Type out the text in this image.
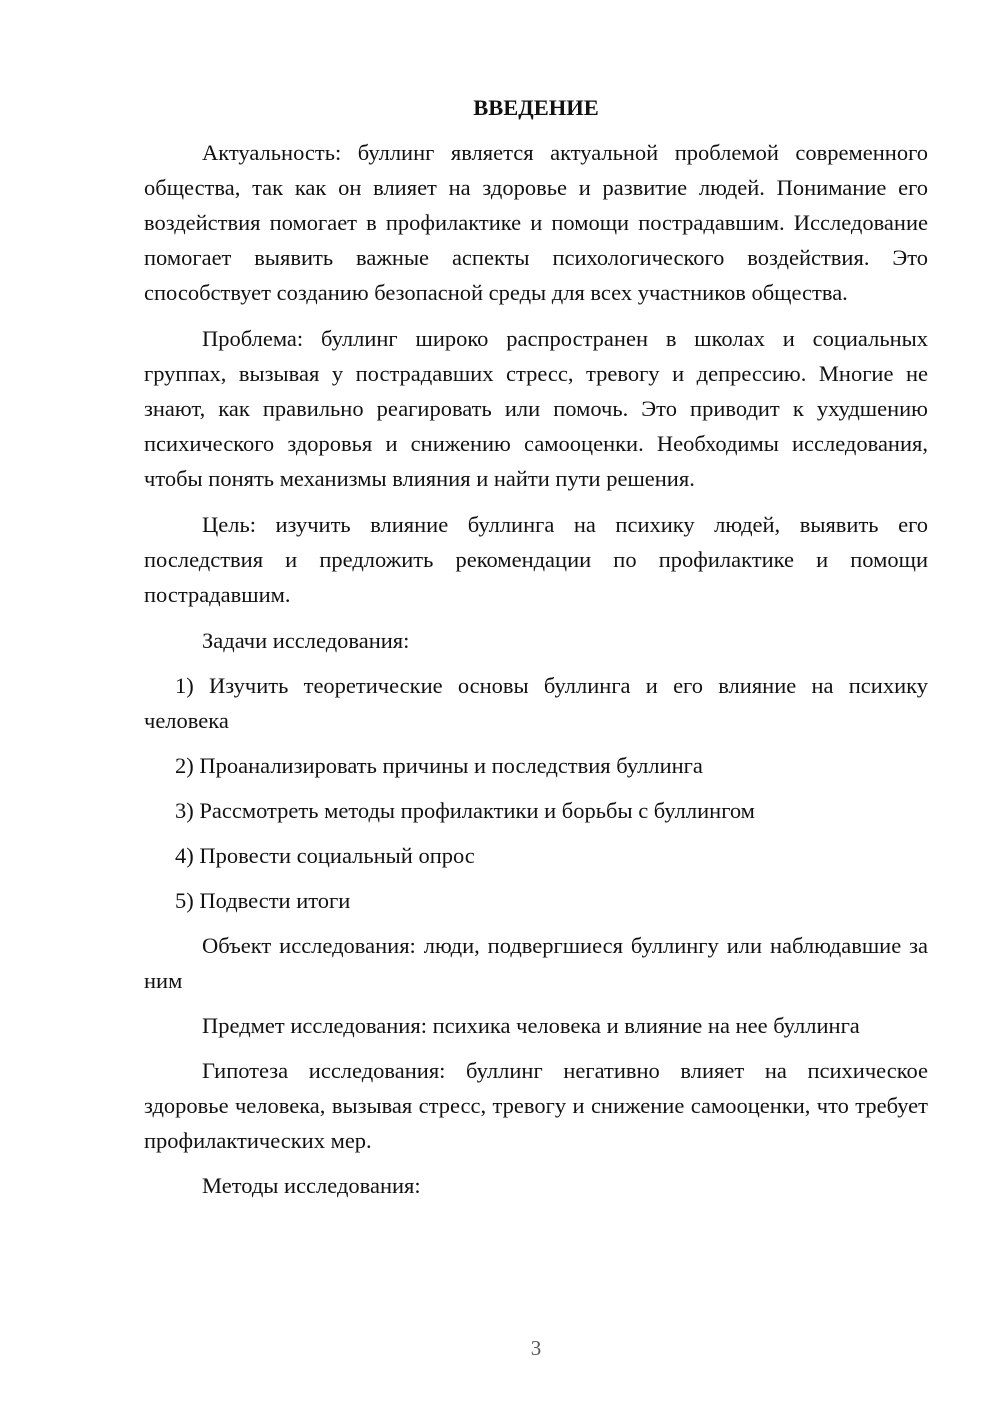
ВВЕДЕНИЕ

Актуальность: буллинг является актуальной проблемой современного общества, так как он влияет на здоровье и развитие людей. Понимание его воздействия помогает в профилактике и помощи пострадавшим. Исследование помогает выявить важные аспекты психологического воздействия. Это способствует созданию безопасной среды для всех участников общества.

Проблема: буллинг широко распространен в школах и социальных группах, вызывая у пострадавших стресс, тревогу и депрессию. Многие не знают, как правильно реагировать или помочь. Это приводит к ухудшению психического здоровья и снижению самооценки. Необходимы исследования, чтобы понять механизмы влияния и найти пути решения.

Цель: изучить влияние буллинга на психику людей, выявить его последствия и предложить рекомендации по профилактике и помощи пострадавшим.

Задачи исследования:

1) Изучить теоретические основы буллинга и его влияние на психику человека
2) Проанализировать причины и последствия буллинга
3) Рассмотреть методы профилактики и борьбы с буллингом
4) Провести социальный опрос
5) Подвести итоги

Объект исследования: люди, подвергшиеся буллингу или наблюдавшие за ним

Предмет исследования: психика человека и влияние на нее буллинга

Гипотеза исследования: буллинг негативно влияет на психическое здоровье человека, вызывая стресс, тревогу и снижение самооценки, что требует профилактических мер.

Методы исследования:

3
